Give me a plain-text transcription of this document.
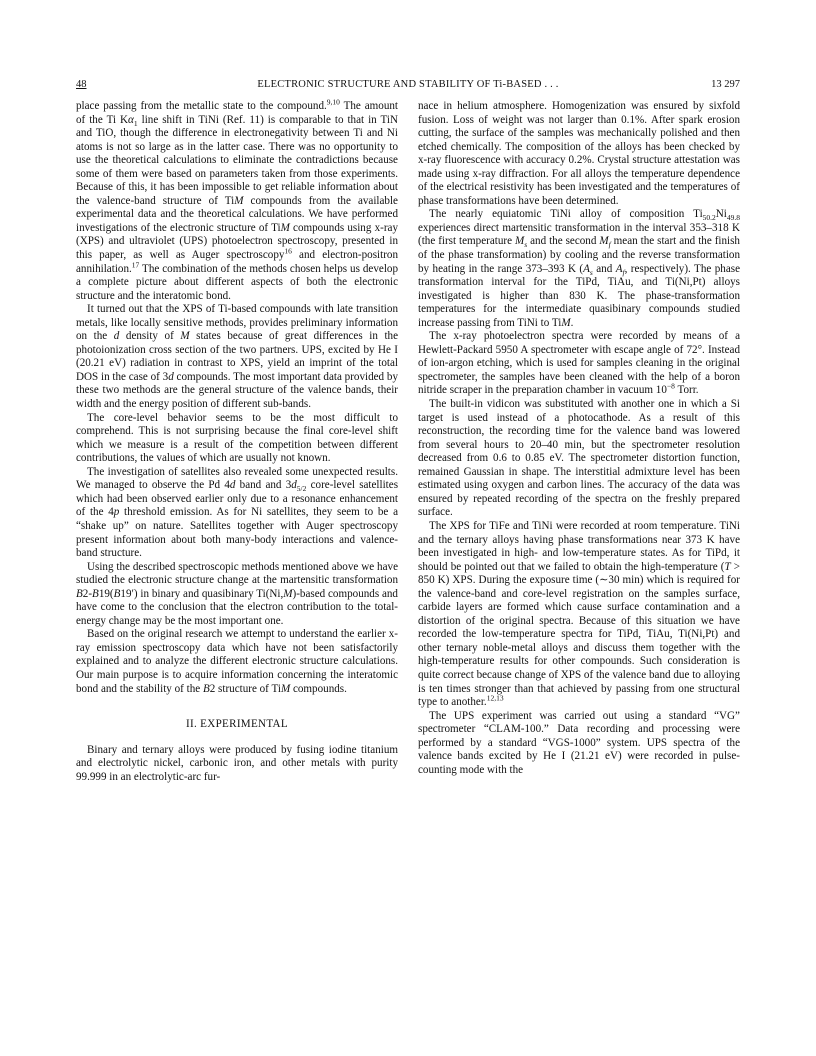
48	ELECTRONIC STRUCTURE AND STABILITY OF Ti-BASED . . .	13 297

place passing from the metallic state to the compound.$^{9,10}$ The amount of the Ti $K\alpha_1$ line shift in TiNi (Ref. 11) is comparable to that in TiN and TiO, though the difference in electronegativity between Ti and Ni atoms is not so large as in the latter case. There was no opportunity to use the theoretical calculations to eliminate the contradictions because some of them were based on parameters taken from those experiments. Because of this, it has been impossible to get reliable information about the valence-band structure of TiM compounds from the available experimental data and the theoretical calculations. We have performed investigations of the electronic structure of TiM compounds using x-ray (XPS) and ultraviolet (UPS) photoelectron spectroscopy, presented in this paper, as well as Auger spectroscopy$^{16}$ and electron-positron annihilation.$^{17}$ The combination of the methods chosen helps us develop a complete picture about different aspects of both the electronic structure and the interatomic bond.

It turned out that the XPS of Ti-based compounds with late transition metals, like locally sensitive methods, provides preliminary information on the d density of M states because of great differences in the photoionization cross section of the two partners. UPS, excited by He I (20.21 eV) radiation in contrast to XPS, yield an imprint of the total DOS in the case of 3d compounds. The most important data provided by these two methods are the general structure of the valence bands, their width and the energy position of different sub-bands.

The core-level behavior seems to be the most difficult to comprehend. This is not surprising because the final core-level shift which we measure is a result of the competition between different contributions, the values of which are usually not known.

The investigation of satellites also revealed some unexpected results. We managed to observe the Pd 4d band and $3d_{5/2}$ core-level satellites which had been observed earlier only due to a resonance enhancement of the 4p threshold emission. As for Ni satellites, they seem to be a “shake up” on nature. Satellites together with Auger spectroscopy present information about both many-body interactions and valence-band structure.

Using the described spectroscopic methods mentioned above we have studied the electronic structure change at the martensitic transformation B2-B19(B19′) in binary and quasibinary Ti(Ni,M)-based compounds and have come to the conclusion that the electron contribution to the total-energy change may be the most important one.

Based on the original research we attempt to understand the earlier x-ray emission spectroscopy data which have not been satisfactorily explained and to analyze the different electronic structure calculations. Our main purpose is to acquire information concerning the interatomic bond and the stability of the B2 structure of TiM compounds.

II. EXPERIMENTAL

Binary and ternary alloys were produced by fusing iodine titanium and electrolytic nickel, carbonic iron, and other metals with purity 99.999 in an electrolytic-arc fur-

nace in helium atmosphere. Homogenization was ensured by sixfold fusion. Loss of weight was not larger than 0.1%. After spark erosion cutting, the surface of the samples was mechanically polished and then etched chemically. The composition of the alloys has been checked by x-ray fluorescence with accuracy 0.2%. Crystal structure attestation was made using x-ray diffraction. For all alloys the temperature dependence of the electrical resistivity has been investigated and the temperatures of phase transformations have been determined.

The nearly equiatomic TiNi alloy of composition $Ti_{50.2}Ni_{49.8}$ experiences direct martensitic transformation in the interval 353–318 K (the first temperature $M_s$ and the second $M_f$ mean the start and the finish of the phase transformation) by cooling and the reverse transformation by heating in the range 373–393 K ($A_s$ and $A_f$, respectively). The phase transformation interval for the TiPd, TiAu, and Ti(Ni,Pt) alloys investigated is higher than 830 K. The phase-transformation temperatures for the intermediate quasibinary compounds studied increase passing from TiNi to TiM.

The x-ray photoelectron spectra were recorded by means of a Hewlett-Packard 5950 A spectrometer with escape angle of 72°. Instead of ion-argon etching, which is used for samples cleaning in the original spectrometer, the samples have been cleaned with the help of a boron nitride scraper in the preparation chamber in vacuum $10^{-8}$ Torr.

The built-in vidicon was substituted with another one in which a Si target is used instead of a photocathode. As a result of this reconstruction, the recording time for the valence band was lowered from several hours to 20–40 min, but the spectrometer resolution decreased from 0.6 to 0.85 eV. The spectrometer distortion function, remained Gaussian in shape. The interstitial admixture level has been estimated using oxygen and carbon lines. The accuracy of the data was ensured by repeated recording of the spectra on the freshly prepared surface.

The XPS for TiFe and TiNi were recorded at room temperature. TiNi and the ternary alloys having phase transformations near 373 K have been investigated in high- and low-temperature states. As for TiPd, it should be pointed out that we failed to obtain the high-temperature (T > 850 K) XPS. During the exposure time (∼30 min) which is required for the valence-band and core-level registration on the samples surface, carbide layers are formed which cause surface contamination and a distortion of the original spectra. Because of this situation we have recorded the low-temperature spectra for TiPd, TiAu, Ti(Ni,Pt) and other ternary noble-metal alloys and discuss them together with the high-temperature results for other compounds. Such consideration is quite correct because change of XPS of the valence band due to alloying is ten times stronger than that achieved by passing from one structural type to another.$^{12,13}$

The UPS experiment was carried out using a standard “VG” spectrometer “CLAM-100.” Data recording and processing were performed by a standard “VGS-1000” system. UPS spectra of the valence bands excited by He I (21.21 eV) were recorded in pulse-counting mode with the
